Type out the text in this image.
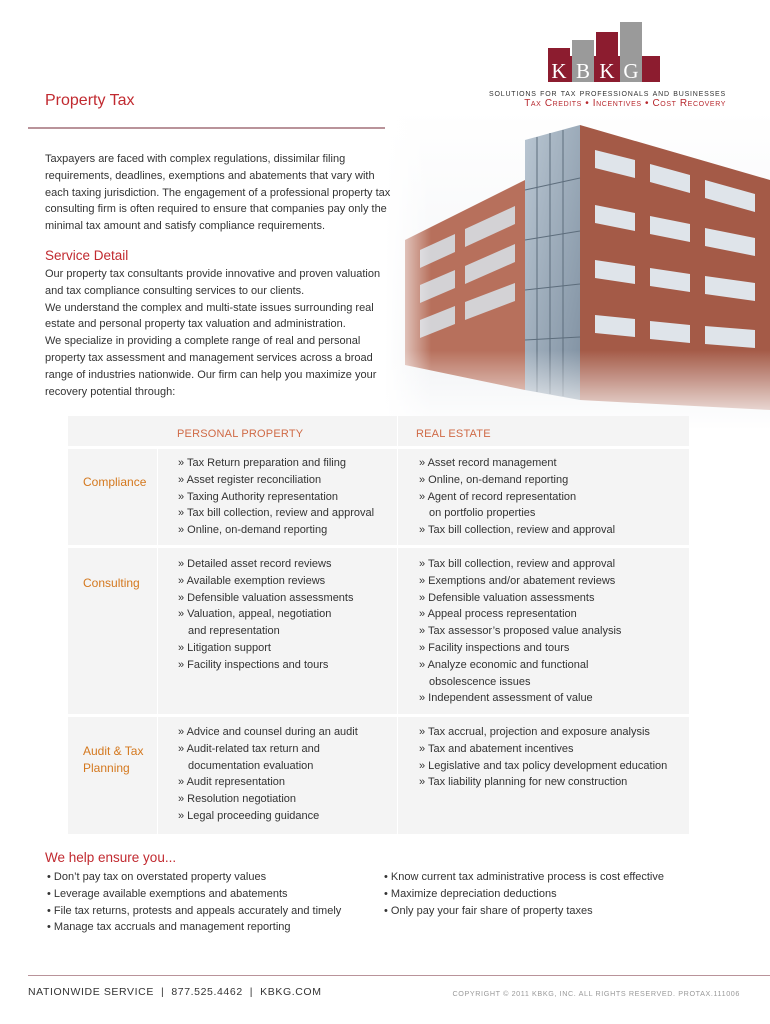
K B K G
solutions for tax professionals and businesses
Tax Credits • Incentives • Cost Recovery
Property Tax
Taxpayers are faced with complex regulations, dissimilar filing
requirements, deadlines, exemptions and abatements that vary with
each taxing jurisdiction. The engagement of a professional property tax
consulting firm is often required to ensure that companies pay only the
minimal tax amount and satisfy compliance requirements.
Service Detail
Our property tax consultants provide innovative and proven valuation
and tax compliance consulting services to our clients.
We understand the complex and multi-state issues surrounding real
estate and personal property tax valuation and administration.
We specialize in providing a complete range of real and personal
property tax assessment and management services across a broad
range of industries nationwide. Our firm can help you maximize your
recovery potential through:
PERSONAL PROPERTY	REAL ESTATE
Compliance
» Tax Return preparation and filing
» Asset register reconciliation
» Taxing Authority representation
» Tax bill collection, review and approval
» Online, on-demand reporting
» Asset record management
» Online, on-demand reporting
» Agent of record representation
on portfolio properties
» Tax bill collection, review and approval
Consulting
» Detailed asset record reviews
» Available exemption reviews
» Defensible valuation assessments
» Valuation, appeal, negotiation
and representation
» Litigation support
» Facility inspections and tours
» Tax bill collection, review and approval
» Exemptions and/or abatement reviews
» Defensible valuation assessments
» Appeal process representation
» Tax assessor’s proposed value analysis
» Facility inspections and tours
» Analyze economic and functional
obsolescence issues
» Independent assessment of value
Audit & Tax
Planning
» Advice and counsel during an audit
» Audit-related tax return and
documentation evaluation
» Audit representation
» Resolution negotiation
» Legal proceeding guidance
» Tax accrual, projection and exposure analysis
» Tax and abatement incentives
» Legislative and tax policy development education
» Tax liability planning for new construction
We help ensure you...
• Don’t pay tax on overstated property values
• Leverage available exemptions and abatements
• File tax returns, protests and appeals accurately and timely
• Manage tax accruals and management reporting
• Know current tax administrative process is cost effective
• Maximize depreciation deductions
• Only pay your fair share of property taxes
NATIONWIDE SERVICE  |  877.525.4462  |  KBKG.COM	COPYRIGHT © 2011 KBKG, INC. ALL RIGHTS RESERVED. PROTAX.111006
